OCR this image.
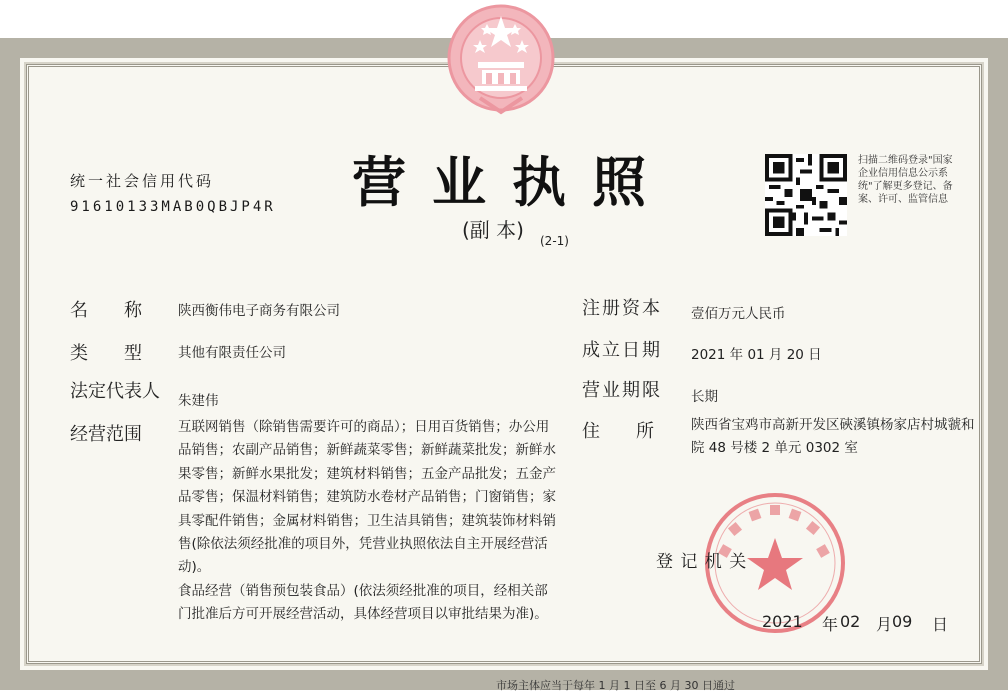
营业执照
(副 本) (2-1)
统一社会信用代码
91610133MAB0QBJP4R
扫描二维码登录"国家企业信用信息公示系统"了解更多登记、备案、许可、监管信息
名　　称	陕西衡伟电子商务有限公司
类　　型	其他有限责任公司
法定代表人 朱建伟
经营范围	互联网销售（除销售需要许可的商品）；日用百货销售；办公用品销售；农副产品销售；新鲜蔬菜零售；新鲜蔬菜批发；新鲜水果零售；新鲜水果批发；建筑材料销售；五金产品批发；五金产品零售；保温材料销售；建筑防水卷材产品销售；门窗销售；家具零配件销售；金属材料销售；卫生洁具销售；建筑装饰材料销售(除依法须经批准的项目外，凭营业执照依法自主开展经营活动)。
食品经营（销售预包装食品）(依法须经批准的项目，经相关部门批准后方可开展经营活动，具体经营项目以审批结果为准)。
注册资本 壹佰万元人民币
成立日期 2021 年 01 月 20 日
营业期限 长期
住　　所	陕西省宝鸡市高新开发区硤溪镇杨家店村城虢和院 48 号楼 2 单元 0302 室
登 记 机 关
2021 年 02 月 09 日
市场主体应当于每年 1 月 1 日至 6 月 30 日通过
